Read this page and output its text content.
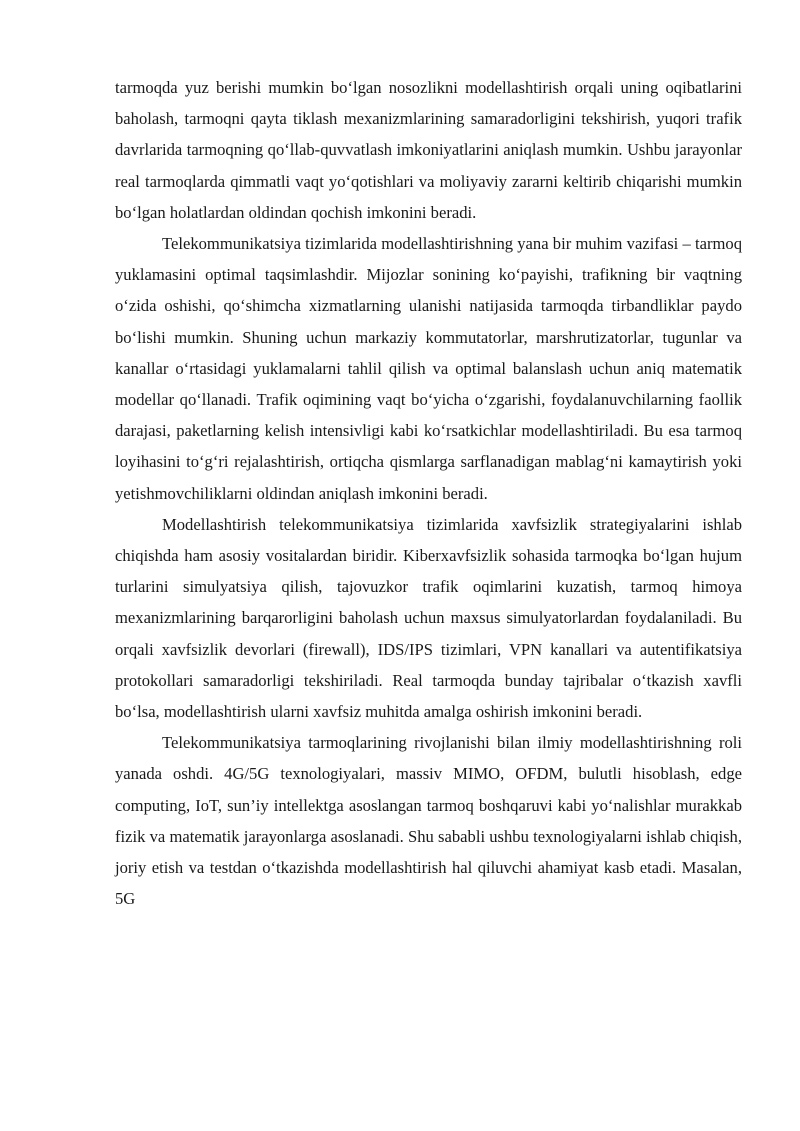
tarmoqda yuz berishi mumkin bo‘lgan nosozlikni modellashtirish orqali uning oqibatlarini baholash, tarmoqni qayta tiklash mexanizmlarining samaradorligini tekshirish, yuqori trafik davrlarida tarmoqning qo‘llab-quvvatlash imkoniyatlarini aniqlash mumkin. Ushbu jarayonlar real tarmoqlarda qimmatli vaqt yo‘qotishlari va moliyaviy zararni keltirib chiqarishi mumkin bo‘lgan holatlardan oldindan qochish imkonini beradi.

Telekommunikatsiya tizimlarida modellashtirishning yana bir muhim vazifasi – tarmoq yuklamasini optimal taqsimlashdir. Mijozlar sonining ko‘payishi, trafikning bir vaqtning o‘zida oshishi, qo‘shimcha xizmatlarning ulanishi natijasida tarmoqda tirbandliklar paydo bo‘lishi mumkin. Shuning uchun markaziy kommutatorlar, marshrutizatorlar, tugunlar va kanallar o‘rtasidagi yuklamalarni tahlil qilish va optimal balanslash uchun aniq matematik modellar qo‘llanadi. Trafik oqimining vaqt bo‘yicha o‘zgarishi, foydalanuvchilarning faollik darajasi, paketlarning kelish intensivligi kabi ko‘rsatkichlar modellashtiriladi. Bu esa tarmoq loyihasini to‘g‘ri rejalashtirish, ortiqcha qismlarga sarflanadigan mablag‘ni kamaytirish yoki yetishmovchiliklarni oldindan aniqlash imkonini beradi.

Modellashtirish telekommunikatsiya tizimlarida xavfsizlik strategiyalarini ishlab chiqishda ham asosiy vositalardan biridir. Kiberxavfsizlik sohasida tarmoqka bo‘lgan hujum turlarini simulyatsiya qilish, tajovuzkor trafik oqimlarini kuzatish, tarmoq himoya mexanizmlarining barqarorligini baholash uchun maxsus simulyatorlardan foydalaniladi. Bu orqali xavfsizlik devorlari (firewall), IDS/IPS tizimlari, VPN kanallari va autentifikatsiya protokollari samaradorligi tekshiriladi. Real tarmoqda bunday tajribalar o‘tkazish xavfli bo‘lsa, modellashtirish ularni xavfsiz muhitda amalga oshirish imkonini beradi.

Telekommunikatsiya tarmoqlarining rivojlanishi bilan ilmiy modellashtirishning roli yanada oshdi. 4G/5G texnologiyalari, massiv MIMO, OFDM, bulutli hisoblash, edge computing, IoT, sun’iy intellektga asoslangan tarmoq boshqaruvi kabi yo‘nalishlar murakkab fizik va matematik jarayonlarga asoslanadi. Shu sababli ushbu texnologiyalarni ishlab chiqish, joriy etish va testdan o‘tkazishda modellashtirish hal qiluvchi ahamiyat kasb etadi. Masalan, 5G
